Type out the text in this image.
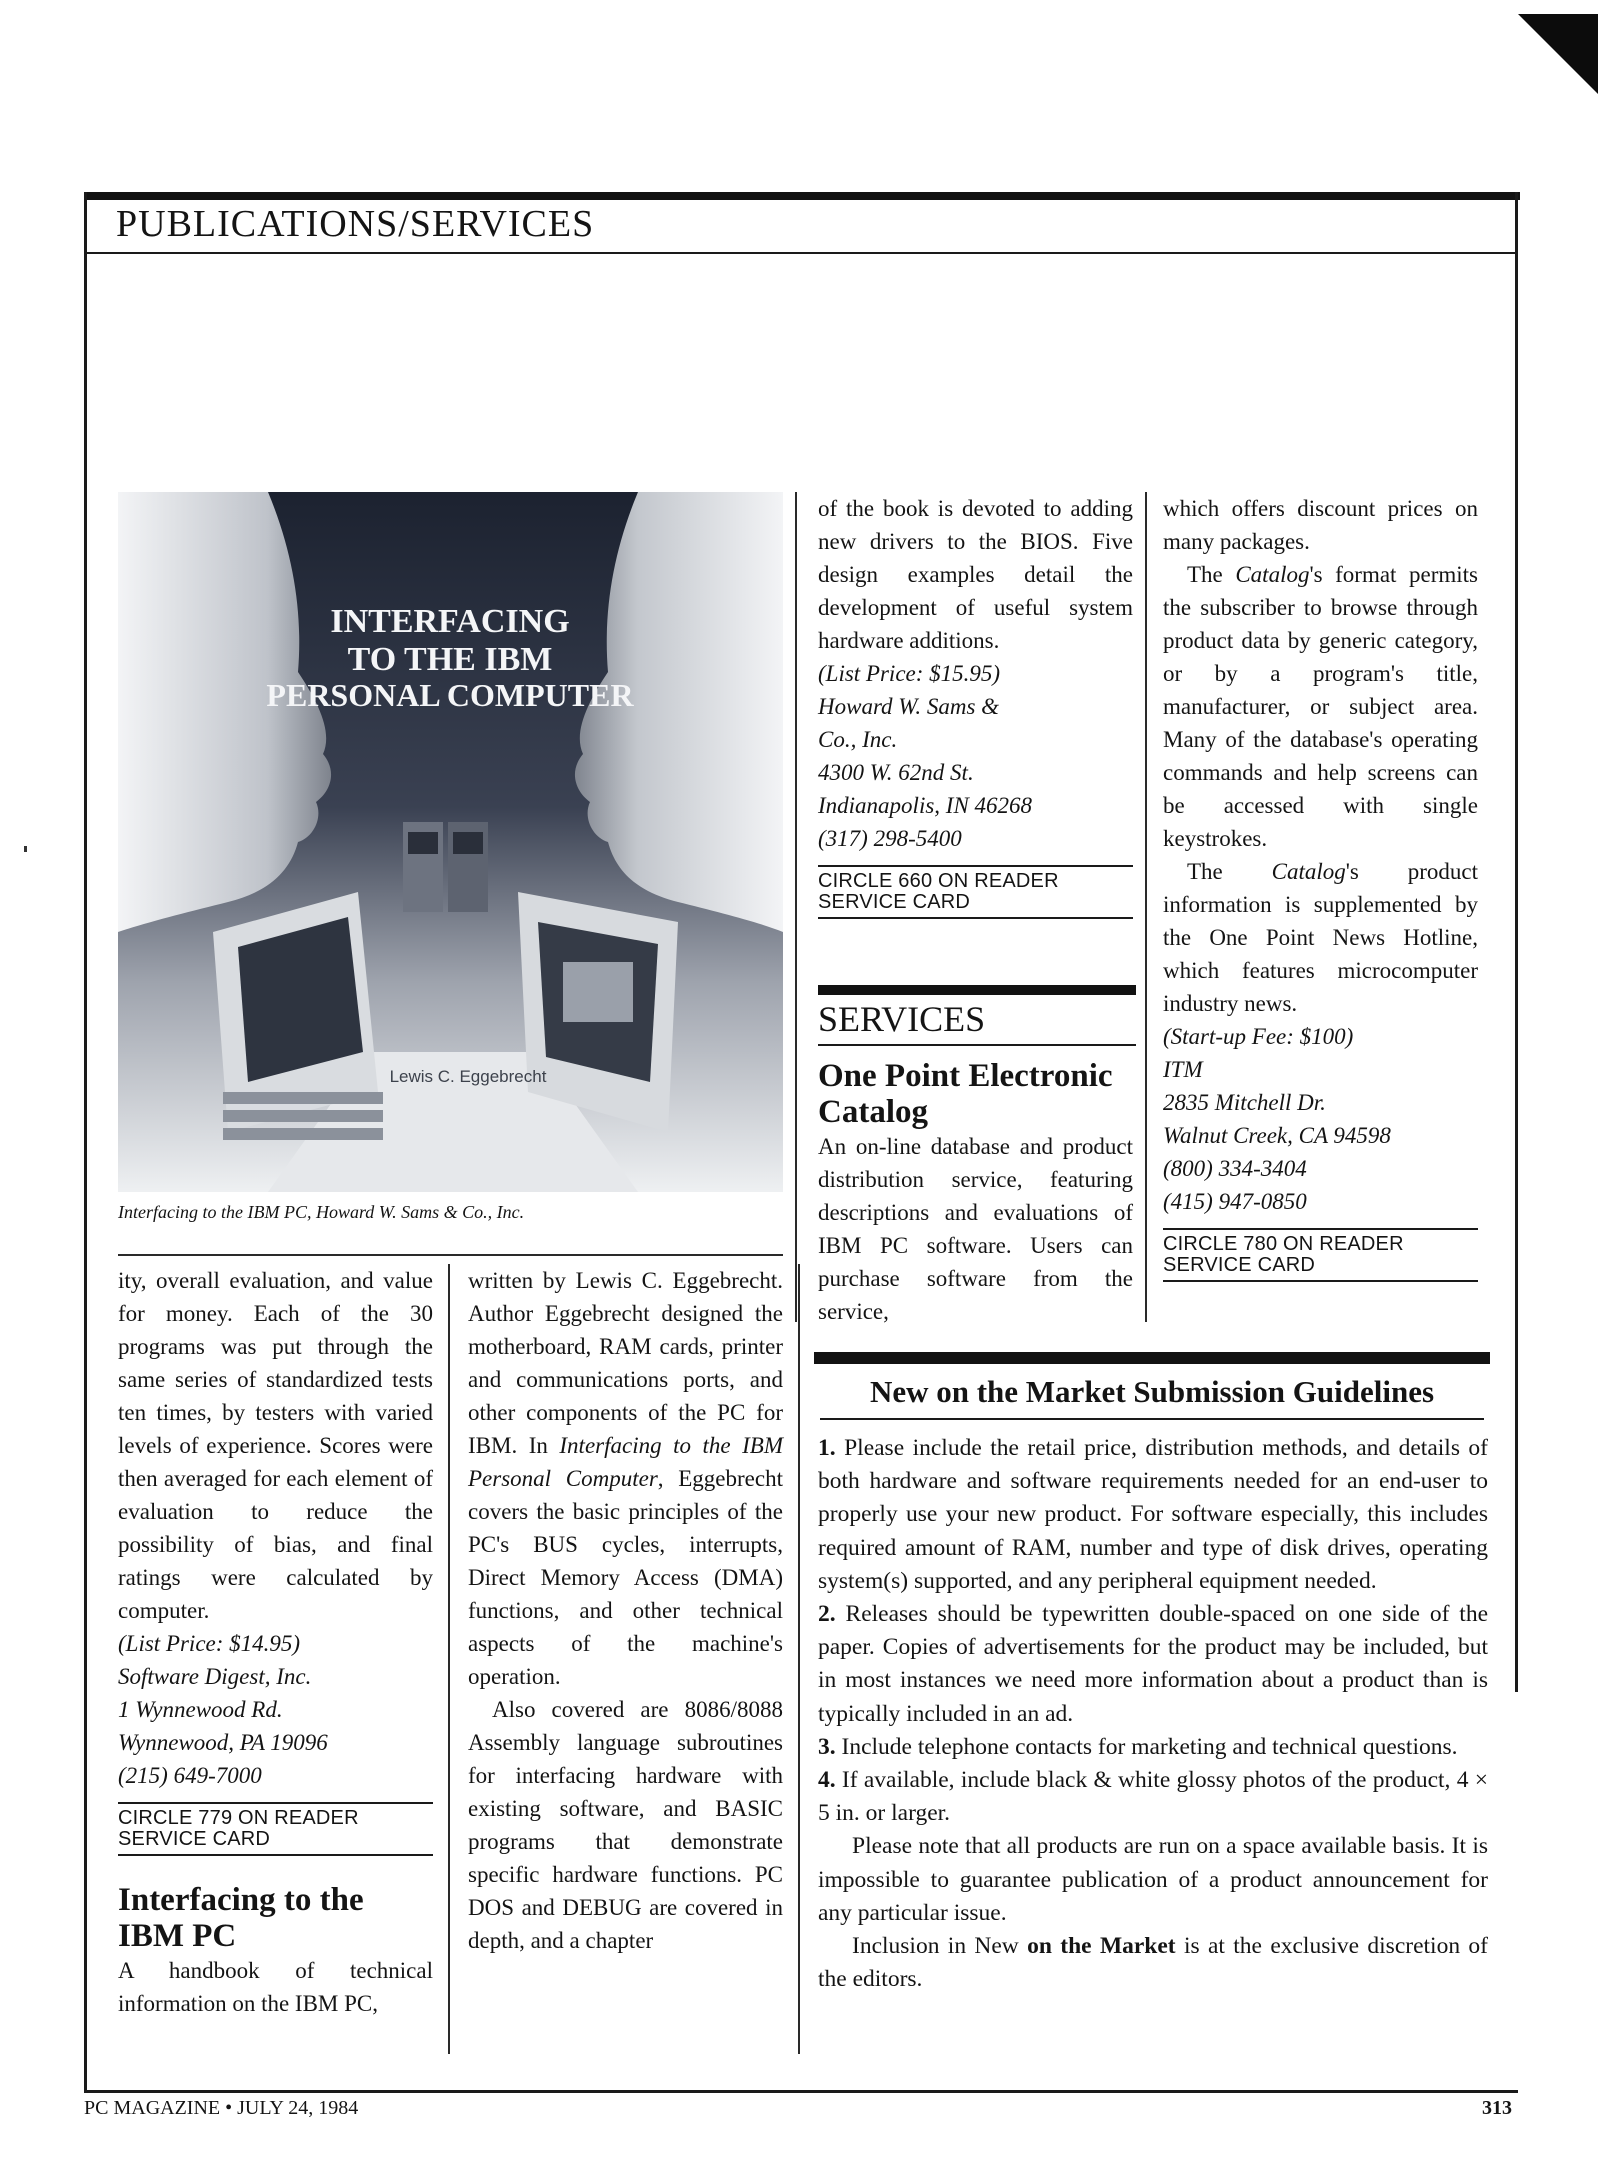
PUBLICATIONS/SERVICES
INTERFACING
TO THE IBM
PERSONAL COMPUTER
Lewis C. Eggebrecht

Interfacing to the IBM PC, Howard W. Sams & Co., Inc.

ity, overall evaluation, and value for money. Each of the 30 programs was put through the same series of standardized tests ten times, by testers with varied levels of experience. Scores were then averaged for each element of evaluation to reduce the possibility of bias, and final ratings were calculated by computer.

(List Price: $14.95)

Software Digest, Inc.

1 Wynnewood Rd.

Wynnewood, PA 19096

(215) 649-7000

CIRCLE 779 ON READER
SERVICE CARD

Interfacing to the IBM PC

A handbook of technical information on the IBM PC,

written by Lewis C. Eggebrecht. Author Eggebrecht designed the motherboard, RAM cards, printer and communications ports, and other components of the PC for IBM. In Interfacing to the IBM Personal Computer, Eggebrecht covers the basic principles of the PC's BUS cycles, interrupts, Direct Memory Access (DMA) functions, and other technical aspects of the machine's operation.

Also covered are 8086/8088 Assembly language subroutines for interfacing hardware with existing software, and BASIC programs that demonstrate specific hardware functions. PC DOS and DEBUG are covered in depth, and a chapter

of the book is devoted to adding new drivers to the BIOS. Five design examples detail the development of useful system hardware additions.

(List Price: $15.95)

Howard W. Sams &

Co., Inc.

4300 W. 62nd St.

Indianapolis, IN 46268

(317) 298-5400

CIRCLE 660 ON READER
SERVICE CARD

SERVICES

One Point Electronic Catalog

An on-line database and product distribution service, featuring descriptions and evaluations of IBM PC software. Users can purchase software from the service,

which offers discount prices on many packages.

The Catalog's format permits the subscriber to browse through product data by generic category, or by a program's title, manufacturer, or subject area. Many of the database's operating commands and help screens can be accessed with single keystrokes.

The Catalog's product information is supplemented by the One Point News Hotline, which features microcomputer industry news.

(Start-up Fee: $100)

ITM

2835 Mitchell Dr.

Walnut Creek, CA 94598

(800) 334-3404

(415) 947-0850

CIRCLE 780 ON READER
SERVICE CARD

New on the Market Submission Guidelines

1. Please include the retail price, distribution methods, and details of both hardware and software requirements needed for an end-user to properly use your new product. For software especially, this includes required amount of RAM, number and type of disk drives, operating system(s) supported, and any peripheral equipment needed.

2. Releases should be typewritten double-spaced on one side of the paper. Copies of advertisements for the product may be included, but in most instances we need more information about a product than is typically included in an ad.

3. Include telephone contacts for marketing and technical questions.

4. If available, include black & white glossy photos of the product, 4 × 5 in. or larger.

Please note that all products are run on a space available basis. It is impossible to guarantee publication of a product announcement for any particular issue.

Inclusion in New on the Market is at the exclusive discretion of the editors.

PC MAGAZINE • JULY 24, 1984	313
